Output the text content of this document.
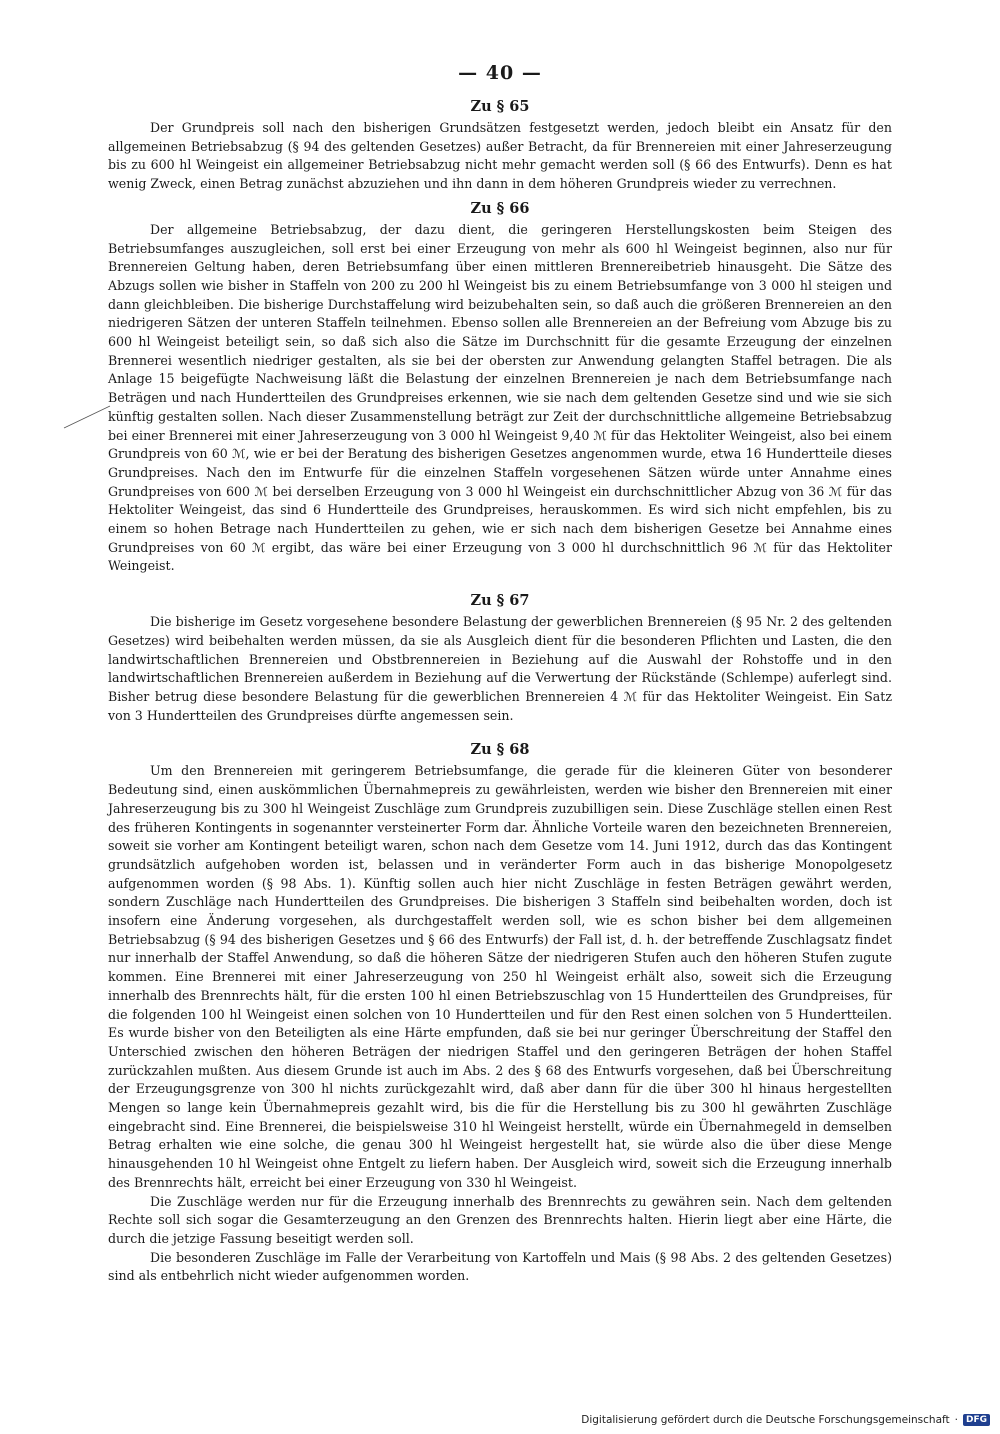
— 40 —
Zu § 65

Der Grundpreis soll nach den bisherigen Grundsätzen festgesetzt werden, jedoch bleibt ein Ansatz für den allgemeinen Betriebsabzug (§ 94 des geltenden Gesetzes) außer Betracht, da für Brennereien mit einer Jahreserzeugung bis zu 600 hl Weingeist ein allgemeiner Betriebsabzug nicht mehr gemacht werden soll (§ 66 des Entwurfs). Denn es hat wenig Zweck, einen Betrag zunächst abzuziehen und ihn dann in dem höheren Grundpreis wieder zu verrechnen.

Zu § 66

Der allgemeine Betriebsabzug, der dazu dient, die geringeren Herstellungskosten beim Steigen des Betriebsumfanges auszugleichen, soll erst bei einer Erzeugung von mehr als 600 hl Weingeist beginnen, also nur für Brennereien Geltung haben, deren Betriebsumfang über einen mittleren Brennereibetrieb hinausgeht. Die Sätze des Abzugs sollen wie bisher in Staffeln von 200 zu 200 hl Weingeist bis zu einem Betriebsumfange von 3 000 hl steigen und dann gleichbleiben. Die bisherige Durchstaffelung wird beizubehalten sein, so daß auch die größeren Brennereien an den niedrigeren Sätzen der unteren Staffeln teilnehmen. Ebenso sollen alle Brennereien an der Befreiung vom Abzuge bis zu 600 hl Weingeist beteiligt sein, so daß sich also die Sätze im Durchschnitt für die gesamte Erzeugung der einzelnen Brennerei wesentlich niedriger gestalten, als sie bei der obersten zur Anwendung gelangten Staffel betragen. Die als Anlage 15 beigefügte Nachweisung läßt die Belastung der einzelnen Brennereien je nach dem Betriebsumfange nach Beträgen und nach Hundertteilen des Grundpreises erkennen, wie sie nach dem geltenden Gesetze sind und wie sie sich künftig gestalten sollen. Nach dieser Zusammenstellung beträgt zur Zeit der durchschnittliche allgemeine Betriebsabzug bei einer Brennerei mit einer Jahreserzeugung von 3 000 hl Weingeist 9,40 ℳ für das Hektoliter Weingeist, also bei einem Grundpreis von 60 ℳ, wie er bei der Beratung des bisherigen Gesetzes angenommen wurde, etwa 16 Hundertteile dieses Grundpreises. Nach den im Entwurfe für die einzelnen Staffeln vorgesehenen Sätzen würde unter Annahme eines Grundpreises von 600 ℳ bei derselben Erzeugung von 3 000 hl Weingeist ein durchschnittlicher Abzug von 36 ℳ für das Hektoliter Weingeist, das sind 6 Hundertteile des Grundpreises, herauskommen. Es wird sich nicht empfehlen, bis zu einem so hohen Betrage nach Hundertteilen zu gehen, wie er sich nach dem bisherigen Gesetze bei Annahme eines Grundpreises von 60 ℳ ergibt, das wäre bei einer Erzeugung von 3 000 hl durchschnittlich 96 ℳ für das Hektoliter Weingeist.

Zu § 67

Die bisherige im Gesetz vorgesehene besondere Belastung der gewerblichen Brennereien (§ 95 Nr. 2 des geltenden Gesetzes) wird beibehalten werden müssen, da sie als Ausgleich dient für die besonderen Pflichten und Lasten, die den landwirtschaftlichen Brennereien und Obstbrennereien in Beziehung auf die Auswahl der Rohstoffe und in den landwirtschaftlichen Brennereien außerdem in Beziehung auf die Verwertung der Rückstände (Schlempe) auferlegt sind. Bisher betrug diese besondere Belastung für die gewerblichen Brennereien 4 ℳ für das Hektoliter Weingeist. Ein Satz von 3 Hundertteilen des Grundpreises dürfte angemessen sein.

Zu § 68

Um den Brennereien mit geringerem Betriebsumfange, die gerade für die kleineren Güter von besonderer Bedeutung sind, einen auskömmlichen Übernahmepreis zu gewährleisten, werden wie bisher den Brennereien mit einer Jahreserzeugung bis zu 300 hl Weingeist Zuschläge zum Grundpreis zuzubilligen sein. Diese Zuschläge stellen einen Rest des früheren Kontingents in sogenannter versteinerter Form dar. Ähnliche Vorteile waren den bezeichneten Brennereien, soweit sie vorher am Kontingent beteiligt waren, schon nach dem Gesetze vom 14. Juni 1912, durch das das Kontingent grundsätzlich aufgehoben worden ist, belassen und in veränderter Form auch in das bisherige Monopolgesetz aufgenommen worden (§ 98 Abs. 1). Künftig sollen auch hier nicht Zuschläge in festen Beträgen gewährt werden, sondern Zuschläge nach Hundertteilen des Grundpreises. Die bisherigen 3 Staffeln sind beibehalten worden, doch ist insofern eine Änderung vorgesehen, als durchgestaffelt werden soll, wie es schon bisher bei dem allgemeinen Betriebsabzug (§ 94 des bisherigen Gesetzes und § 66 des Entwurfs) der Fall ist, d. h. der betreffende Zuschlagsatz findet nur innerhalb der Staffel Anwendung, so daß die höheren Sätze der niedrigeren Stufen auch den höheren Stufen zugute kommen. Eine Brennerei mit einer Jahreserzeugung von 250 hl Weingeist erhält also, soweit sich die Erzeugung innerhalb des Brennrechts hält, für die ersten 100 hl einen Betriebszuschlag von 15 Hundertteilen des Grundpreises, für die folgenden 100 hl Weingeist einen solchen von 10 Hundertteilen und für den Rest einen solchen von 5 Hundertteilen. Es wurde bisher von den Beteiligten als eine Härte empfunden, daß sie bei nur geringer Überschreitung der Staffel den Unterschied zwischen den höheren Beträgen der niedrigen Staffel und den geringeren Beträgen der hohen Staffel zurückzahlen mußten. Aus diesem Grunde ist auch im Abs. 2 des § 68 des Entwurfs vorgesehen, daß bei Überschreitung der Erzeugungsgrenze von 300 hl nichts zurückgezahlt wird, daß aber dann für die über 300 hl hinaus hergestellten Mengen so lange kein Übernahmepreis gezahlt wird, bis die für die Herstellung bis zu 300 hl gewährten Zuschläge eingebracht sind. Eine Brennerei, die beispielsweise 310 hl Weingeist herstellt, würde ein Übernahmegeld in demselben Betrag erhalten wie eine solche, die genau 300 hl Weingeist hergestellt hat, sie würde also die über diese Menge hinausgehenden 10 hl Weingeist ohne Entgelt zu liefern haben. Der Ausgleich wird, soweit sich die Erzeugung innerhalb des Brennrechts hält, erreicht bei einer Erzeugung von 330 hl Weingeist.

Die Zuschläge werden nur für die Erzeugung innerhalb des Brennrechts zu gewähren sein. Nach dem geltenden Rechte soll sich sogar die Gesamterzeugung an den Grenzen des Brennrechts halten. Hierin liegt aber eine Härte, die durch die jetzige Fassung beseitigt werden soll.

Die besonderen Zuschläge im Falle der Verarbeitung von Kartoffeln und Mais (§ 98 Abs. 2 des geltenden Gesetzes) sind als entbehrlich nicht wieder aufgenommen worden.

Digitalisierung gefördert durch die Deutsche Forschungsgemeinschaft · DFG
